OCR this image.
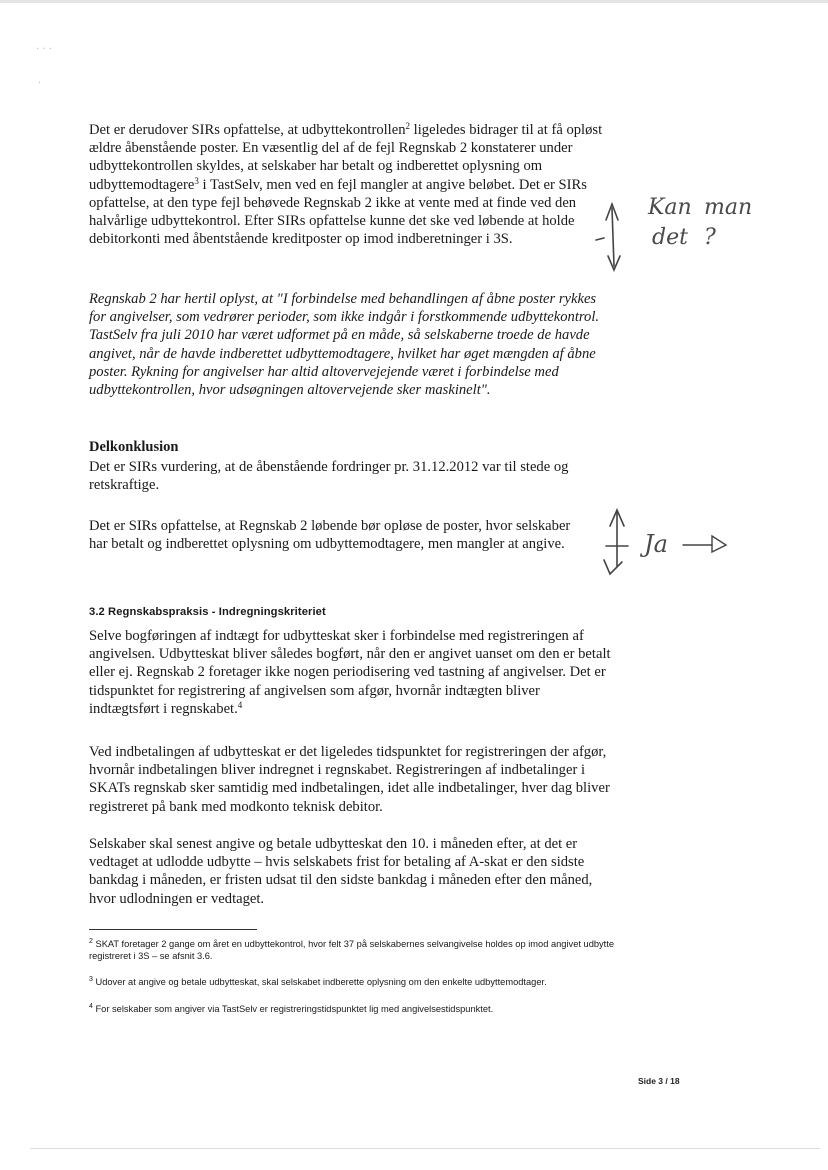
· · ·
·

Det er derudover SIRs opfattelse, at udbyttekontrollen$^2$ ligeledes bidrager til at få opløst ældre åbenstående poster. En væsentlig del af de fejl Regnskab 2 konstaterer under udbyttekontrollen skyldes, at selskaber har betalt og indberettet oplysning om udbyttemodtagere$^3$ i TastSelv, men ved en fejl mangler at angive beløbet. Det er SIRs opfattelse, at den type fejl behøvede Regnskab 2 ikke at vente med at finde ved den halvårlige udbyttekontrol. Efter SIRs opfattelse kunne det ske ved løbende at holde debitorkonti med åbentstående kreditposter op imod indberetninger i 3S.

Regnskab 2 har hertil oplyst, at "I forbindelse med behandlingen af åbne poster rykkes for angivelser, som vedrører perioder, som ikke indgår i forstkommende udbyttekontrol. TastSelv fra juli 2010 har været udformet på en måde, så selskaberne troede de havde angivet, når de havde indberettet udbyttemodtagere, hvilket har øget mængden af åbne poster. Rykning for angivelser har altid altovervejejende været i forbindelse med udbyttekontrollen, hvor udsøgningen altovervejende sker maskinelt".

Delkonklusion

Det er SIRs vurdering, at de åbenstående fordringer pr. 31.12.2012 var til stede og retskraftige.

Det er SIRs opfattelse, at Regnskab 2 løbende bør opløse de poster, hvor selskaber har betalt og indberettet oplysning om udbyttemodtagere, men mangler at angive.

3.2 Regnskabspraksis - Indregningskriteriet

Selve bogføringen af indtægt for udbytteskat sker i forbindelse med registreringen af angivelsen. Udbytteskat bliver således bogført, når den er angivet uanset om den er betalt eller ej. Regnskab 2 foretager ikke nogen periodisering ved tastning af angivelser. Det er tidspunktet for registrering af angivelsen som afgør, hvornår indtægten bliver indtægtsført i regnskabet.$^4$

Ved indbetalingen af udbytteskat er det ligeledes tidspunktet for registreringen der afgør, hvornår indbetalingen bliver indregnet i regnskabet. Registreringen af indbetalinger i SKATs regnskab sker samtidig med indbetalingen, idet alle indbetalinger, hver dag bliver registreret på bank med modkonto teknisk debitor.

Selskaber skal senest angive og betale udbytteskat den 10. i måneden efter, at det er vedtaget at udlodde udbytte – hvis selskabets frist for betaling af A-skat er den sidste bankdag i måneden, er fristen udsat til den sidste bankdag i måneden efter den måned, hvor udlodningen er vedtaget.

$^2$ SKAT foretager 2 gange om året en udbyttekontrol, hvor felt 37 på selskabernes selvangivelse holdes op imod angivet udbytte registreret i 3S – se afsnit 3.6.

$^3$ Udover at angive og betale udbytteskat, skal selskabet indberette oplysning om den enkelte udbyttemodtager.

$^4$ For selskaber som angiver via TastSelv er registreringstidspunktet lig med angivelsestidspunktet.

Side 3 / 18
Kan man det ?
Ja
